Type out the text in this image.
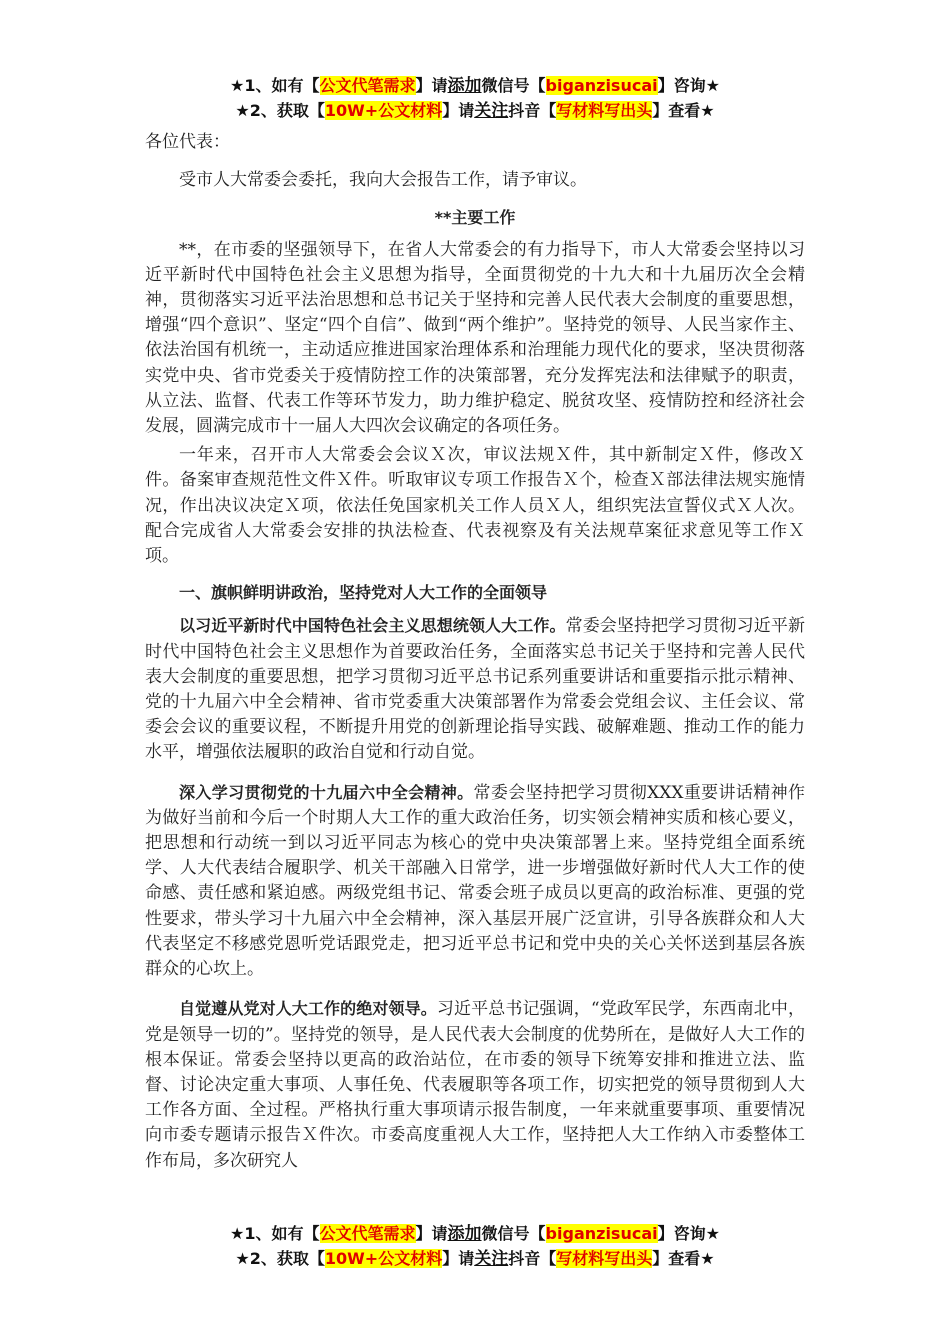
★1、如有【公文代笔需求】请添加微信号【biganzisucai】咨询★
★2、获取【10W+公文材料】请关注抖音【写材料写出头】查看★

各位代表：

受市人大常委会委托，我向大会报告工作，请予审议。

**主要工作

**，在市委的坚强领导下，在省人大常委会的有力指导下，市人大常委会坚持以习近平新时代中国特色社会主义思想为指导，全面贯彻党的十九大和十九届历次全会精神，贯彻落实习近平法治思想和总书记关于坚持和完善人民代表大会制度的重要思想，增强“四个意识”、坚定“四个自信”、做到“两个维护”。坚持党的领导、人民当家作主、依法治国有机统一，主动适应推进国家治理体系和治理能力现代化的要求，坚决贯彻落实党中央、省市党委关于疫情防控工作的决策部署，充分发挥宪法和法律赋予的职责，从立法、监督、代表工作等环节发力，助力维护稳定、脱贫攻坚、疫情防控和经济社会发展，圆满完成市十一届人大四次会议确定的各项任务。

一年来，召开市人大常委会会议Ｘ次，审议法规Ｘ件，其中新制定Ｘ件，修改Ｘ件。备案审查规范性文件Ｘ件。听取审议专项工作报告Ｘ个，检查Ｘ部法律法规实施情况，作出决议决定Ｘ项，依法任免国家机关工作人员Ｘ人，组织宪法宣誓仪式Ｘ人次。配合完成省人大常委会安排的执法检查、代表视察及有关法规草案征求意见等工作Ｘ项。

一、旗帜鲜明讲政治，坚持党对人大工作的全面领导

以习近平新时代中国特色社会主义思想统领人大工作。常委会坚持把学习贯彻习近平新时代中国特色社会主义思想作为首要政治任务，全面落实总书记关于坚持和完善人民代表大会制度的重要思想，把学习贯彻习近平总书记系列重要讲话和重要指示批示精神、党的十九届六中全会精神、省市党委重大决策部署作为常委会党组会议、主任会议、常委会会议的重要议程，不断提升用党的创新理论指导实践、破解难题、推动工作的能力水平，增强依法履职的政治自觉和行动自觉。

深入学习贯彻党的十九届六中全会精神。常委会坚持把学习贯彻XXX重要讲话精神作为做好当前和今后一个时期人大工作的重大政治任务，切实领会精神实质和核心要义，把思想和行动统一到以习近平同志为核心的党中央决策部署上来。坚持党组全面系统学、人大代表结合履职学、机关干部融入日常学，进一步增强做好新时代人大工作的使命感、责任感和紧迫感。两级党组书记、常委会班子成员以更高的政治标准、更强的党性要求，带头学习十九届六中全会精神，深入基层开展广泛宣讲，引导各族群众和人大代表坚定不移感党恩听党话跟党走，把习近平总书记和党中央的关心关怀送到基层各族群众的心坎上。

自觉遵从党对人大工作的绝对领导。习近平总书记强调，“党政军民学，东西南北中，党是领导一切的”。坚持党的领导，是人民代表大会制度的优势所在，是做好人大工作的根本保证。常委会坚持以更高的政治站位，在市委的领导下统筹安排和推进立法、监督、讨论决定重大事项、人事任免、代表履职等各项工作，切实把党的领导贯彻到人大工作各方面、全过程。严格执行重大事项请示报告制度，一年来就重要事项、重要情况向市委专题请示报告Ｘ件次。市委高度重视人大工作，坚持把人大工作纳入市委整体工作布局，多次研究人

★1、如有【公文代笔需求】请添加微信号【biganzisucai】咨询★
★2、获取【10W+公文材料】请关注抖音【写材料写出头】查看★
